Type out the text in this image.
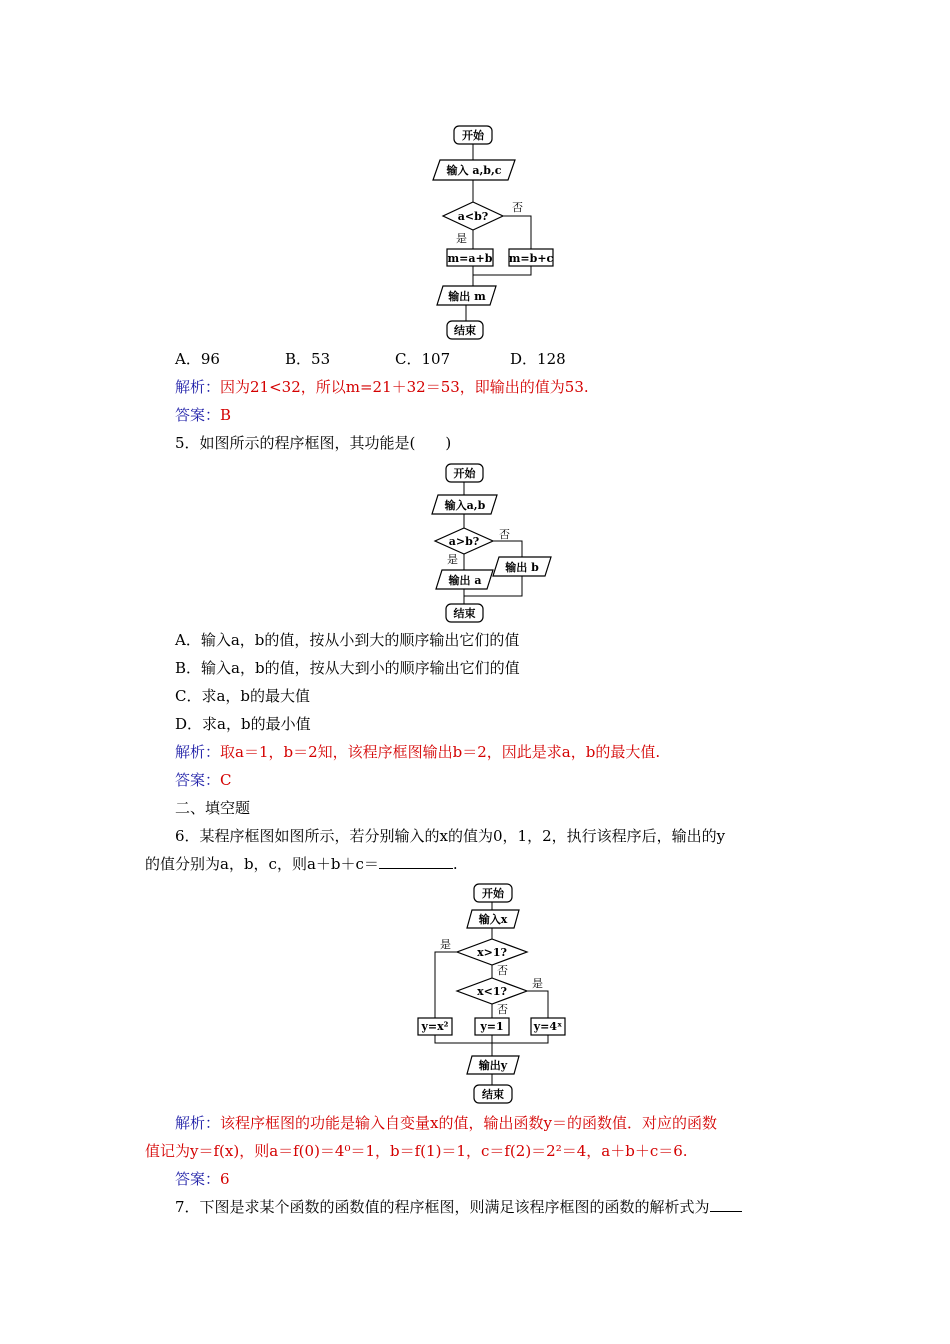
开始
输入 a,b,c
a<b?
否
是
m=a+b m=b+c
输出 m
结束
A．96	B．53	C．107	D．128
解析：因为21<32，所以m=21＋32＝53，即输出的值为53.
答案：B
5．如图所示的程序框图，其功能是(　　)
开始
输入a,b
a>b?
否
是
输出 a
输出 b
结束
A．输入a，b的值，按从小到大的顺序输出它们的值
B．输入a，b的值，按从大到小的顺序输出它们的值
C．求a，b的最大值
D．求a，b的最小值
解析：取a＝1，b＝2知，该程序框图输出b＝2，因此是求a，b的最大值.
答案：C
二、填空题
6．某程序框图如图所示，若分别输入的x的值为0，1，2，执行该程序后，输出的y
的值分别为a，b，c，则a＋b＋c＝	.
开始
输入x
x>1?
是
否
x<1?
是
否
y=x²	y=1	y=4ˣ
输出y
结束
解析：该程序框图的功能是输入自变量x的值，输出函数y＝的函数值．对应的函数
值记为y＝f(x)，则a＝f(0)＝4⁰＝1，b＝f(1)＝1，c＝f(2)＝2²＝4，a＋b＋c＝6.
答案：6
7．下图是求某个函数的函数值的程序框图，则满足该程序框图的函数的解析式为
